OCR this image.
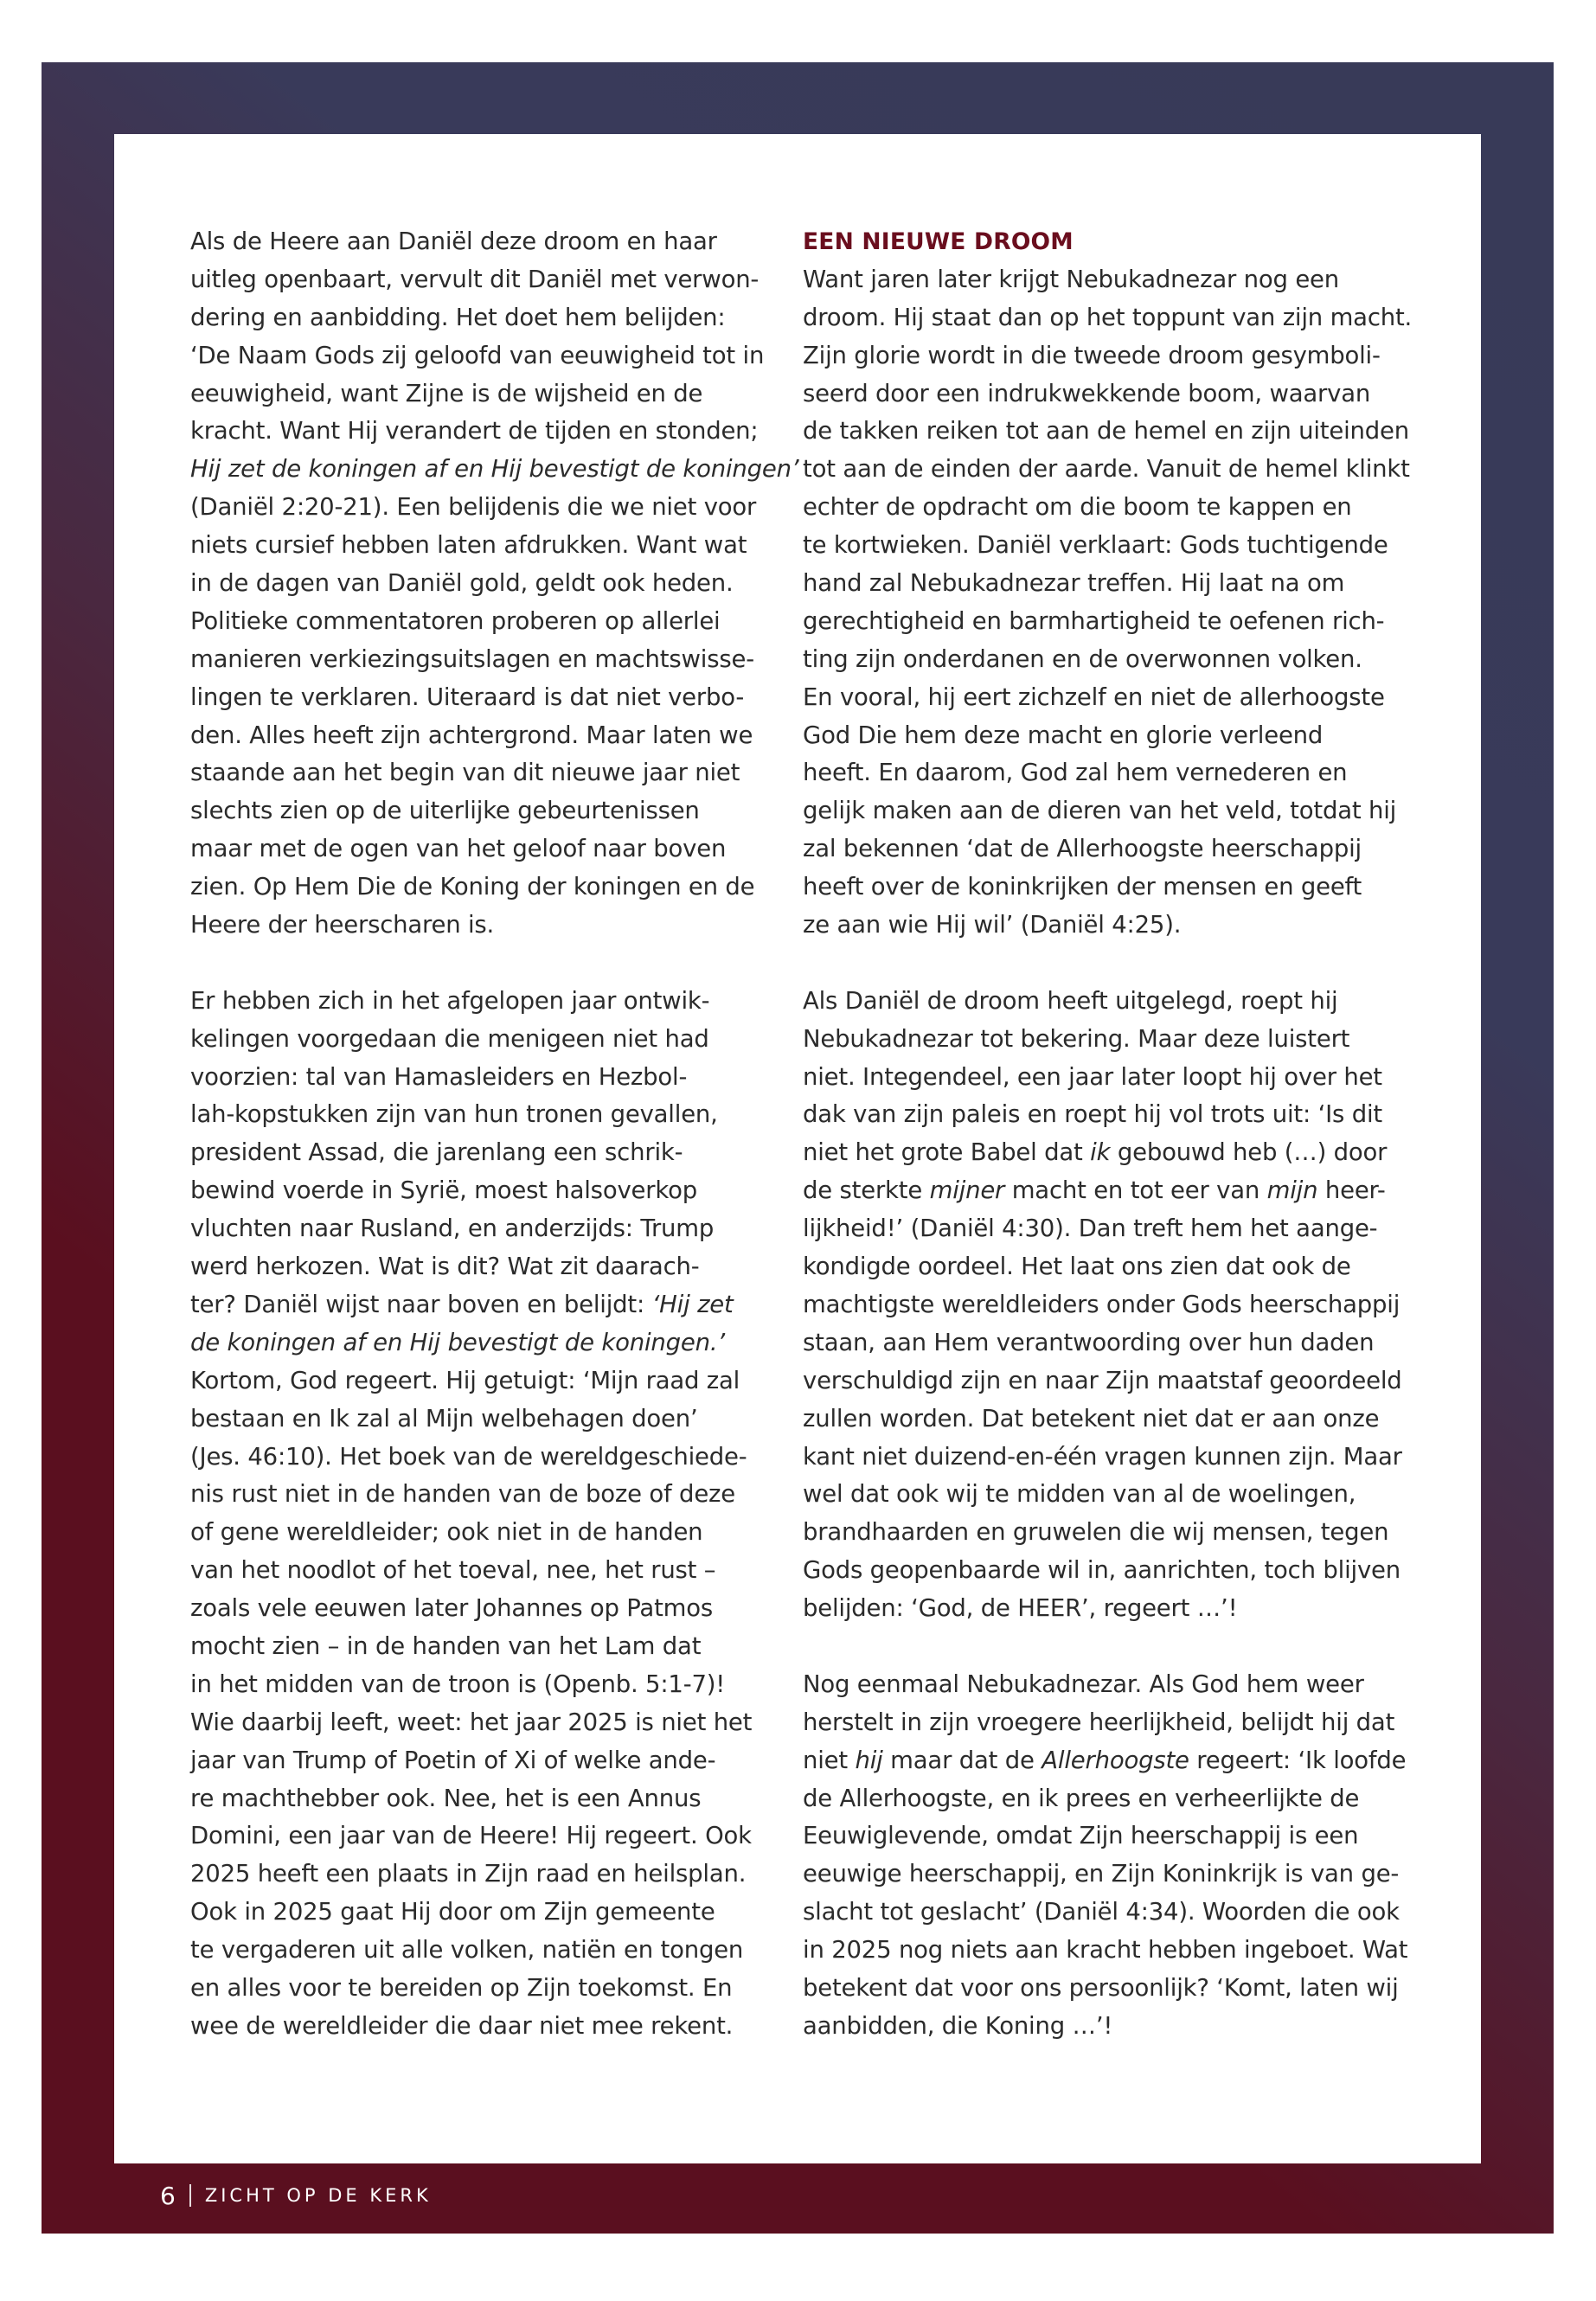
Als de Heere aan Daniël deze droom en haar
uitleg openbaart, vervult dit Daniël met verwon-
dering en aanbidding. Het doet hem belijden:
‘De Naam Gods zij geloofd van eeuwigheid tot in
eeuwigheid, want Zijne is de wijsheid en de
kracht. Want Hij verandert de tijden en stonden;
Hij zet de koningen af en Hij bevestigt de koningen’
(Daniël 2:20-21). Een belijdenis die we niet voor
niets cursief hebben laten afdrukken. Want wat
in de dagen van Daniël gold, geldt ook heden.
Politieke commentatoren proberen op allerlei
manieren verkiezingsuitslagen en machtswisse-
lingen te verklaren. Uiteraard is dat niet verbo-
den. Alles heeft zijn achtergrond. Maar laten we
staande aan het begin van dit nieuwe jaar niet
slechts zien op de uiterlijke gebeurtenissen
maar met de ogen van het geloof naar boven
zien. Op Hem Die de Koning der koningen en de
Heere der heerscharen is.
Er hebben zich in het afgelopen jaar ontwik-
kelingen voorgedaan die menigeen niet had
voorzien: tal van Hamasleiders en Hezbol-
lah-kopstukken zijn van hun tronen gevallen,
president Assad, die jarenlang een schrik-
bewind voerde in Syrië, moest halsoverkop
vluchten naar Rusland, en anderzijds: Trump
werd herkozen. Wat is dit? Wat zit daarach-
ter? Daniël wijst naar boven en belijdt: ‘Hij zet
de koningen af en Hij bevestigt de koningen.’
Kortom, God regeert. Hij getuigt: ‘Mijn raad zal
bestaan en Ik zal al Mijn welbehagen doen’
(Jes. 46:10). Het boek van de wereldgeschiede-
nis rust niet in de handen van de boze of deze
of gene wereldleider; ook niet in de handen
van het noodlot of het toeval, nee, het rust –
zoals vele eeuwen later Johannes op Patmos
mocht zien – in de handen van het Lam dat
in het midden van de troon is (Openb. 5:1-7)!
Wie daarbij leeft, weet: het jaar 2025 is niet het
jaar van Trump of Poetin of Xi of welke ande-
re machthebber ook. Nee, het is een Annus
Domini, een jaar van de Heere! Hij regeert. Ook
2025 heeft een plaats in Zijn raad en heilsplan.
Ook in 2025 gaat Hij door om Zijn gemeente
te vergaderen uit alle volken, natiën en tongen
en alles voor te bereiden op Zijn toekomst. En
wee de wereldleider die daar niet mee rekent.
EEN NIEUWE DROOM
Want jaren later krijgt Nebukadnezar nog een
droom. Hij staat dan op het toppunt van zijn macht.
Zijn glorie wordt in die tweede droom gesymboli-
seerd door een indrukwekkende boom, waarvan
de takken reiken tot aan de hemel en zijn uiteinden
tot aan de einden der aarde. Vanuit de hemel klinkt
echter de opdracht om die boom te kappen en
te kortwieken. Daniël verklaart: Gods tuchtigende
hand zal Nebukadnezar treffen. Hij laat na om
gerechtigheid en barmhartigheid te oefenen rich-
ting zijn onderdanen en de overwonnen volken.
En vooral, hij eert zichzelf en niet de allerhoogste
God Die hem deze macht en glorie verleend
heeft. En daarom, God zal hem vernederen en
gelijk maken aan de dieren van het veld, totdat hij
zal bekennen ‘dat de Allerhoogste heerschappij
heeft over de koninkrijken der mensen en geeft
ze aan wie Hij wil’ (Daniël 4:25).
Als Daniël de droom heeft uitgelegd, roept hij
Nebukadnezar tot bekering. Maar deze luistert
niet. Integendeel, een jaar later loopt hij over het
dak van zijn paleis en roept hij vol trots uit: ‘Is dit
niet het grote Babel dat ik gebouwd heb (…) door
de sterkte mijner macht en tot eer van mijn heer-
lijkheid!’ (Daniël 4:30). Dan treft hem het aange-
kondigde oordeel. Het laat ons zien dat ook de
machtigste wereldleiders onder Gods heerschappij
staan, aan Hem verantwoording over hun daden
verschuldigd zijn en naar Zijn maatstaf geoordeeld
zullen worden. Dat betekent niet dat er aan onze
kant niet duizend-en-één vragen kunnen zijn. Maar
wel dat ook wij te midden van al de woelingen,
brandhaarden en gruwelen die wij mensen, tegen
Gods geopenbaarde wil in, aanrichten, toch blijven
belijden: ‘God, de HEER’, regeert …’!
Nog eenmaal Nebukadnezar. Als God hem weer
herstelt in zijn vroegere heerlijkheid, belijdt hij dat
niet hij maar dat de Allerhoogste regeert: ‘Ik loofde
de Allerhoogste, en ik prees en verheerlijkte de
Eeuwiglevende, omdat Zijn heerschappij is een
eeuwige heerschappij, en Zijn Koninkrijk is van ge-
slacht tot geslacht’ (Daniël 4:34). Woorden die ook
in 2025 nog niets aan kracht hebben ingeboet. Wat
betekent dat voor ons persoonlijk? ‘Komt, laten wij
aanbidden, die Koning …’!
6 ZICHT OP DE KERK
